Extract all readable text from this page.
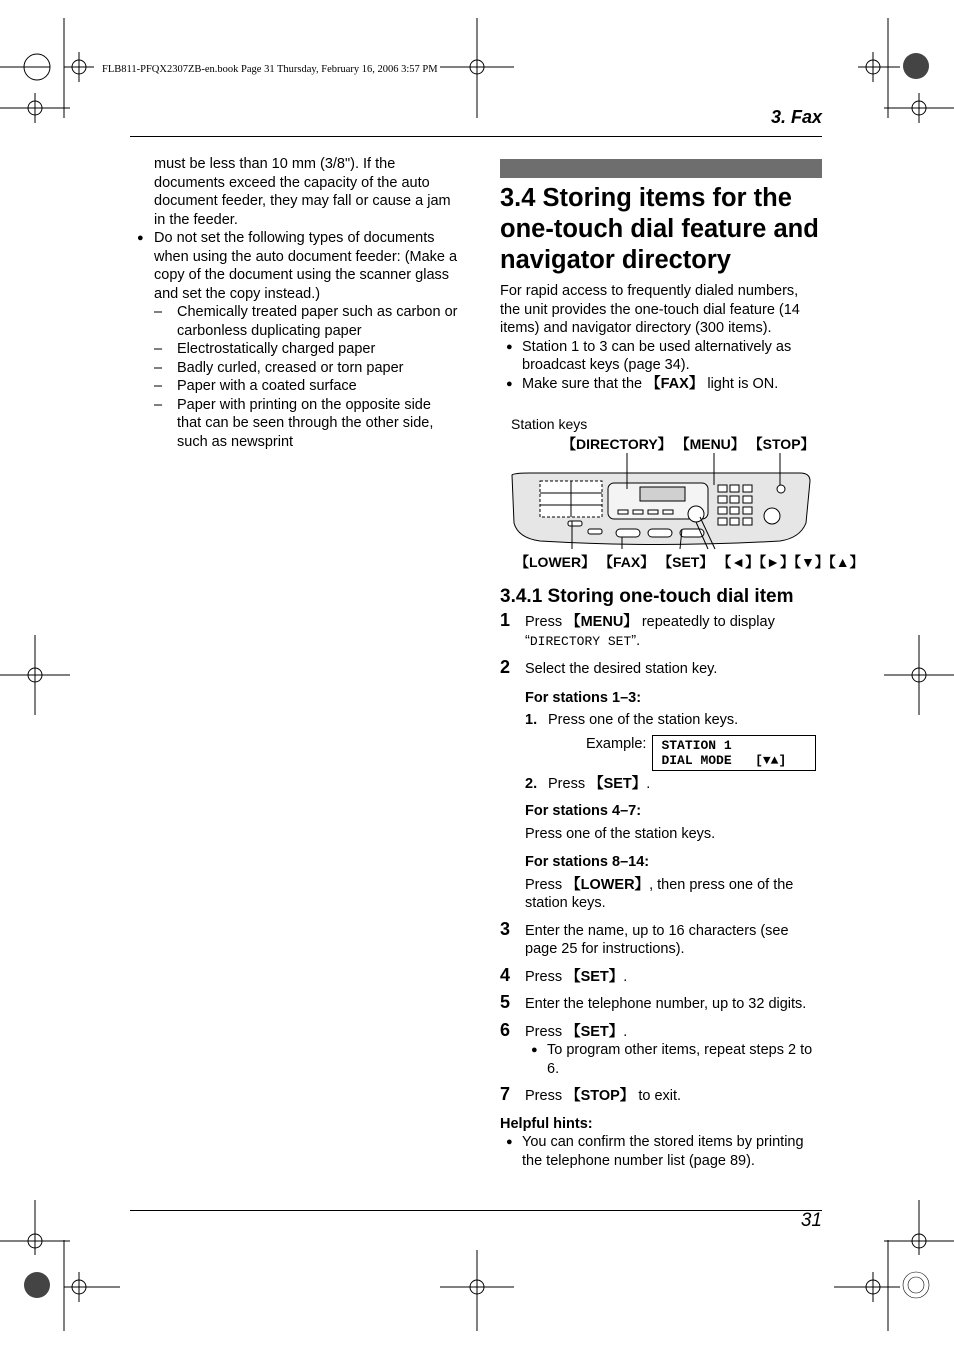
FLB811-PFQX2307ZB-en.book Page 31 Thursday, February 16, 2006 3:57 PM
3. Fax

must be less than 10 mm (3/8"). If the documents exceed the capacity of the auto document feeder, they may fall or cause a jam in the feeder.

● Do not set the following types of documents when using the auto document feeder: (Make a copy of the document using the scanner glass and set the copy instead.)
– Chemically treated paper such as carbon or carbonless duplicating paper
– Electrostatically charged paper
– Badly curled, creased or torn paper
– Paper with a coated surface
– Paper with printing on the opposite side that can be seen through the other side, such as newsprint
3.4 Storing items for the one-touch dial feature and navigator directory

For rapid access to frequently dialed numbers, the unit provides the one-touch dial feature (14 items) and navigator directory (300 items).

● Station 1 to 3 can be used alternatively as broadcast keys (page 34).
● Make sure that the 【FAX】 light is ON.
Station keys
【DIRECTORY】 【MENU】 【STOP】
【LOWER】 【FAX】 【SET】 【◄】【►】【▼】【▲】
3.4.1 Storing one-touch dial item
1 Press 【MENU】 repeatedly to display “DIRECTORY SET”.
2 Select the desired station key.
For stations 1–3:
1. Press one of the station keys.
Example: STATION 1
DIAL MODE   [▼▲]
2. Press 【SET】.
For stations 4–7:
Press one of the station keys.
For stations 8–14:
Press 【LOWER】, then press one of the station keys.
3 Enter the name, up to 16 characters (see page 25 for instructions).
4 Press 【SET】.
5 Enter the telephone number, up to 32 digits.
6 Press 【SET】.
● To program other items, repeat steps 2 to 6.
7 Press 【STOP】 to exit.
Helpful hints:
● You can confirm the stored items by printing the telephone number list (page 89).
31
